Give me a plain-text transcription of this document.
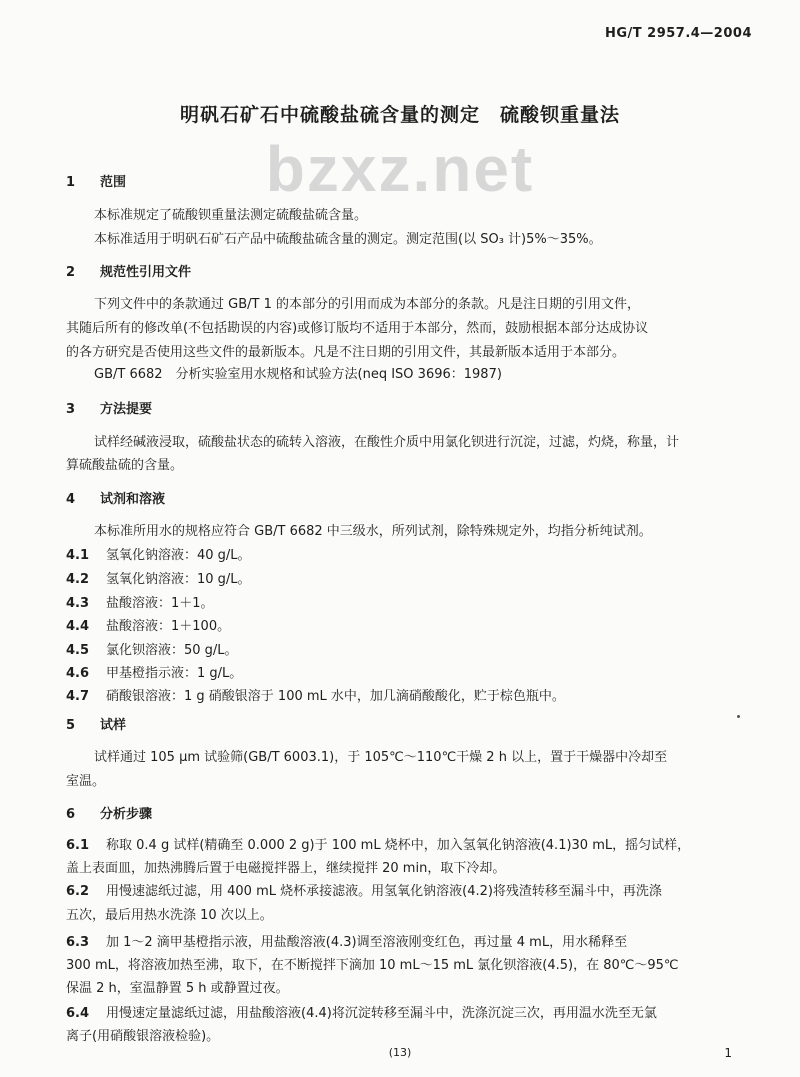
HG/T 2957.4—2004
明矾石矿石中硫酸盐硫含量的测定　硫酸钡重量法
bzxz.net
1 范围
本标准规定了硫酸钡重量法测定硫酸盐硫含量。
本标准适用于明矾石矿石产品中硫酸盐硫含量的测定。测定范围(以 SO₃ 计)5%～35%。
2 规范性引用文件
下列文件中的条款通过 GB/T 1 的本部分的引用而成为本部分的条款。凡是注日期的引用文件，
其随后所有的修改单(不包括勘误的内容)或修订版均不适用于本部分，然而，鼓励根据本部分达成协议
的各方研究是否使用这些文件的最新版本。凡是不注日期的引用文件，其最新版本适用于本部分。
GB/T 6682　分析实验室用水规格和试验方法(neq ISO 3696：1987)
3 方法提要
试样经碱液浸取，硫酸盐状态的硫转入溶液，在酸性介质中用氯化钡进行沉淀，过滤，灼烧，称量，计
算硫酸盐硫的含量。
4 试剂和溶液
本标准所用水的规格应符合 GB/T 6682 中三级水，所列试剂，除特殊规定外，均指分析纯试剂。
4.1 氢氧化钠溶液：40 g/L。
4.2 氢氧化钠溶液：10 g/L。
4.3 盐酸溶液：1＋1。
4.4 盐酸溶液：1＋100。
4.5 氯化钡溶液：50 g/L。
4.6 甲基橙指示液：1 g/L。
4.7 硝酸银溶液：1 g 硝酸银溶于 100 mL 水中，加几滴硝酸酸化，贮于棕色瓶中。
5 试样
试样通过 105 μm 试验筛(GB/T 6003.1)，于 105℃～110℃干燥 2 h 以上，置于干燥器中冷却至
室温。
6 分析步骤
6.1 称取 0.4 g 试样(精确至 0.000 2 g)于 100 mL 烧杯中，加入氢氧化钠溶液(4.1)30 mL，摇匀试样，
盖上表面皿，加热沸腾后置于电磁搅拌器上，继续搅拌 20 min，取下冷却。
6.2 用慢速滤纸过滤，用 400 mL 烧杯承接滤液。用氢氧化钠溶液(4.2)将残渣转移至漏斗中，再洗涤
五次，最后用热水洗涤 10 次以上。
6.3 加 1～2 滴甲基橙指示液，用盐酸溶液(4.3)调至溶液刚变红色，再过量 4 mL，用水稀释至
300 mL，将溶液加热至沸，取下，在不断搅拌下滴加 10 mL～15 mL 氯化钡溶液(4.5)，在 80℃～95℃
保温 2 h，室温静置 5 h 或静置过夜。
6.4 用慢速定量滤纸过滤，用盐酸溶液(4.4)将沉淀转移至漏斗中，洗涤沉淀三次，再用温水洗至无氯
离子(用硝酸银溶液检验)。
(13)	1
